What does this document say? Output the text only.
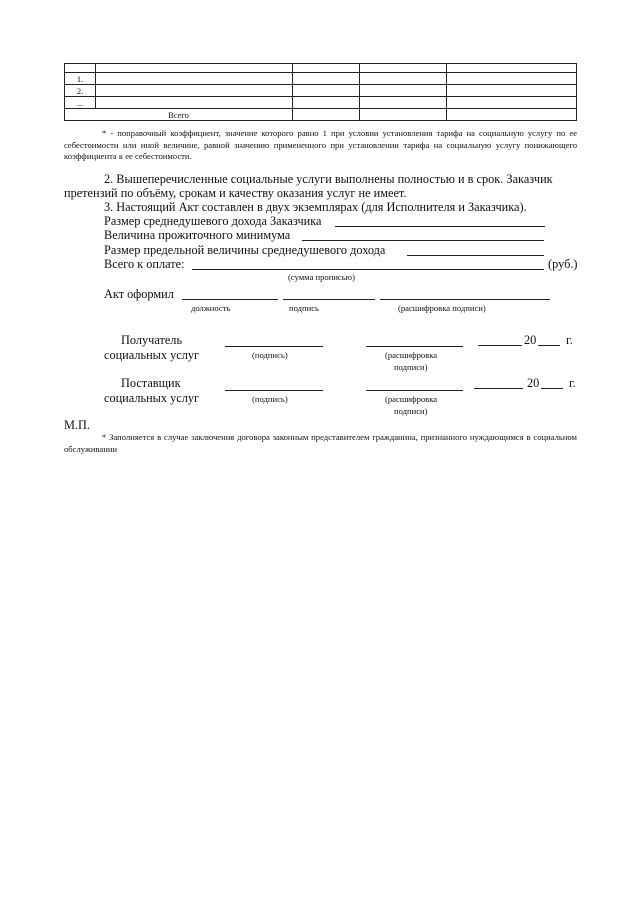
1.				
2.				
...				
Всего				
* - поправочный коэффициент, значение которого равно 1 при условии установления тарифа на социальную услугу по ее себестоимости или иной величине, равной значению примененного при установлении тарифа на социальную услугу понижающего коэффициента к ее себестоимости.
2. Вышеперечисленные социальные услуги выполнены полностью и в срок. Заказчик
претензий по объёму, срокам и качеству оказания услуг не имеет.
3. Настоящий Акт составлен в двух экземплярах (для Исполнителя и Заказчика).
Размер среднедушевого дохода Заказчика
Величина прожиточного минимума
Размер предельной величины среднедушевого дохода
Всего к оплате:	(руб.)
(сумма прописью)
Акт оформил
должность	подпись	(расшифровка подписи)
Получатель
социальных услуг	(подпись)	(расшифровка
подписи)
20 г.
Поставщик
социальных услуг	(подпись)	(расшифровка
подписи)
20 г.
М.П.
* Заполняется в случае заключения договора законным представителем гражданина, признанного нуждающимся в социальном обслуживании
